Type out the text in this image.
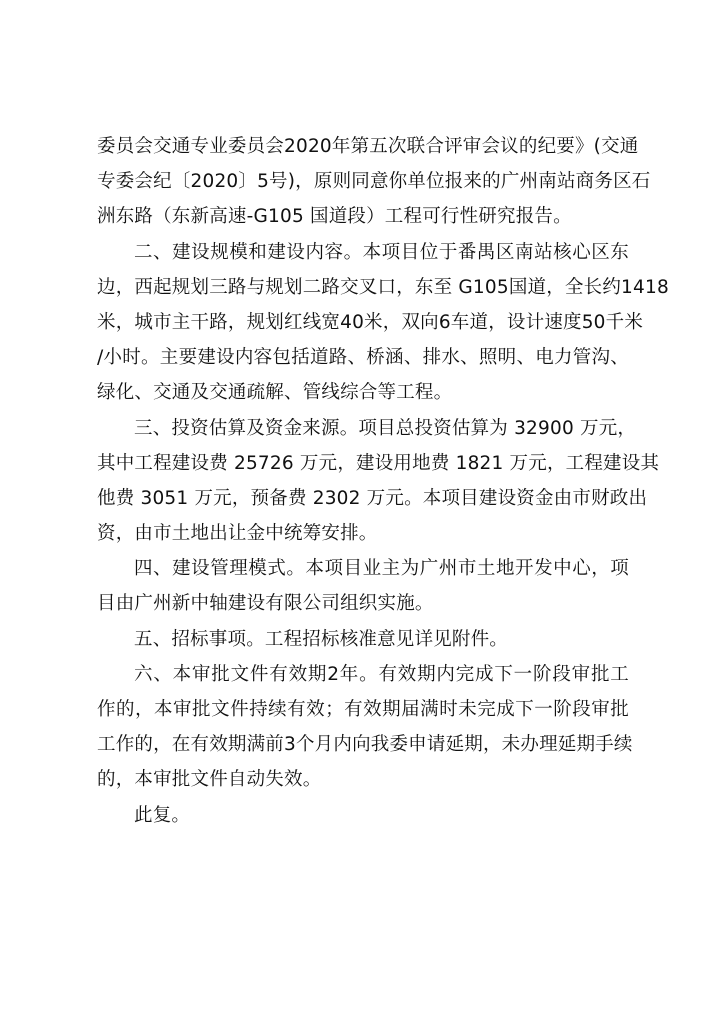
委员会交通专业委员会2020年第五次联合评审会议的纪要》(交通
专委会纪〔2020〕5号)，原则同意你单位报来的广州南站商务区石
洲东路（东新高速-G105 国道段）工程可行性研究报告。
二、建设规模和建设内容。本项目位于番禺区南站核心区东
边，西起规划三路与规划二路交叉口，东至 G105国道，全长约1418
米，城市主干路，规划红线宽40米，双向6车道，设计速度50千米
/小时。主要建设内容包括道路、桥涵、排水、照明、电力管沟、
绿化、交通及交通疏解、管线综合等工程。
三、投资估算及资金来源。项目总投资估算为 32900 万元，
其中工程建设费 25726 万元，建设用地费 1821 万元，工程建设其
他费 3051 万元，预备费 2302 万元。本项目建设资金由市财政出
资，由市土地出让金中统筹安排。
四、建设管理模式。本项目业主为广州市土地开发中心，项
目由广州新中轴建设有限公司组织实施。
五、招标事项。工程招标核准意见详见附件。
六、本审批文件有效期2年。有效期内完成下一阶段审批工
作的，本审批文件持续有效；有效期届满时未完成下一阶段审批
工作的，在有效期满前3个月内向我委申请延期，未办理延期手续
的，本审批文件自动失效。
此复。
